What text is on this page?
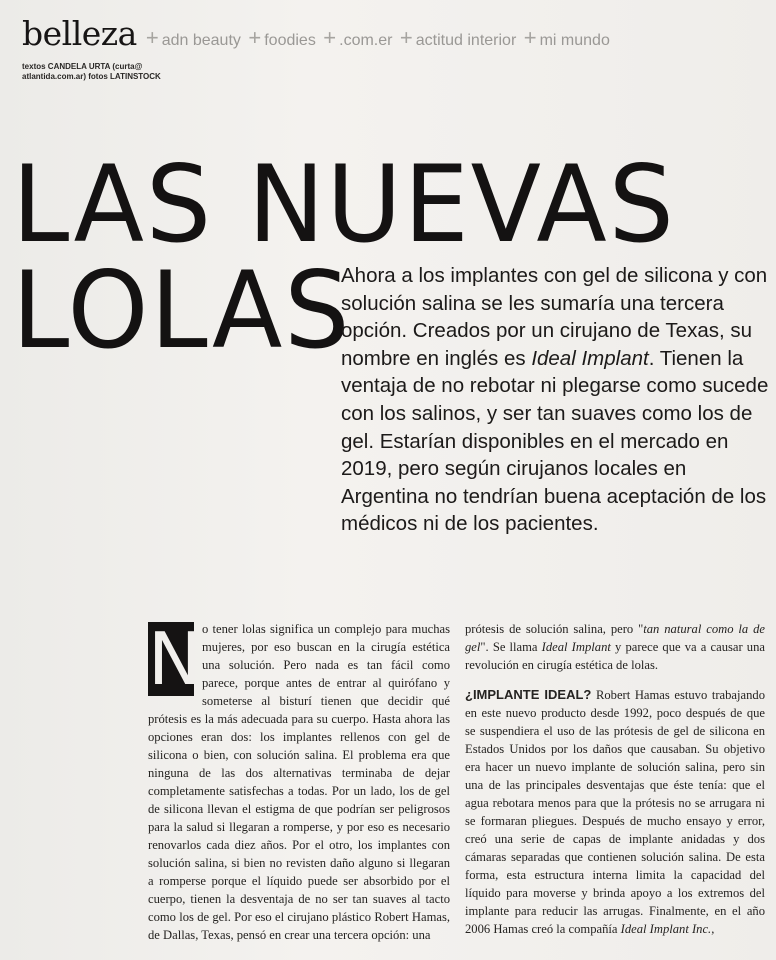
belleza + adn beauty + foodies + .com.er + actitud interior + mi mundo
textos CANDELA URTA (curta@
atlantida.com.ar) fotos LATINSTOCK
LAS NUEVAS
LOLAS
Ahora a los implantes con gel de silicona y con solución salina se les sumaría una tercera opción. Creados por un cirujano de Texas, su nombre en inglés es Ideal Implant. Tienen la ventaja de no rebotar ni plegarse como sucede con los salinos, y ser tan suaves como los de gel. Estarían disponibles en el mercado en 2019, pero según cirujanos locales en Argentina no tendrían buena aceptación de los médicos ni de los pacientes.

N o tener lolas significa un complejo para muchas mujeres, por eso buscan en la cirugía estética una solución. Pero nada es tan fácil como parece, porque antes de entrar al quirófano y someterse al bisturí tienen que decidir qué prótesis es la más adecuada para su cuerpo. Hasta ahora las opciones eran dos: los implantes rellenos con gel de silicona o bien, con solución salina. El problema era que ninguna de las dos alternativas terminaba de dejar completamente satisfechas a todas. Por un lado, los de gel de silicona llevan el estigma de que podrían ser peligrosos para la salud si llegaran a romperse, y por eso es necesario renovarlos cada diez años. Por el otro, los implantes con solución salina, si bien no revisten daño alguno si llegaran a romperse porque el líquido puede ser absorbido por el cuerpo, tienen la desventaja de no ser tan suaves al tacto como los de gel. Por eso el cirujano plástico Robert Hamas, de Dallas, Texas, pensó en crear una tercera opción: una

prótesis de solución salina, pero "tan natural como la de gel". Se llama Ideal Implant y parece que va a causar una revolución en cirugía estética de lolas.

¿IMPLANTE IDEAL? Robert Hamas estuvo trabajando en este nuevo producto desde 1992, poco después de que se suspendiera el uso de las prótesis de gel de silicona en Estados Unidos por los daños que causaban. Su objetivo era hacer un nuevo implante de solución salina, pero sin una de las principales desventajas que éste tenía: que el agua rebotara menos para que la prótesis no se arrugara ni se formaran pliegues. Después de mucho ensayo y error, creó una serie de capas de implante anidadas y dos cámaras separadas que contienen solución salina. De esta forma, esta estructura interna limita la capacidad del líquido para moverse y brinda apoyo a los extremos del implante para reducir las arrugas. Finalmente, en el año 2006 Hamas creó la compañía Ideal Implant Inc.,
